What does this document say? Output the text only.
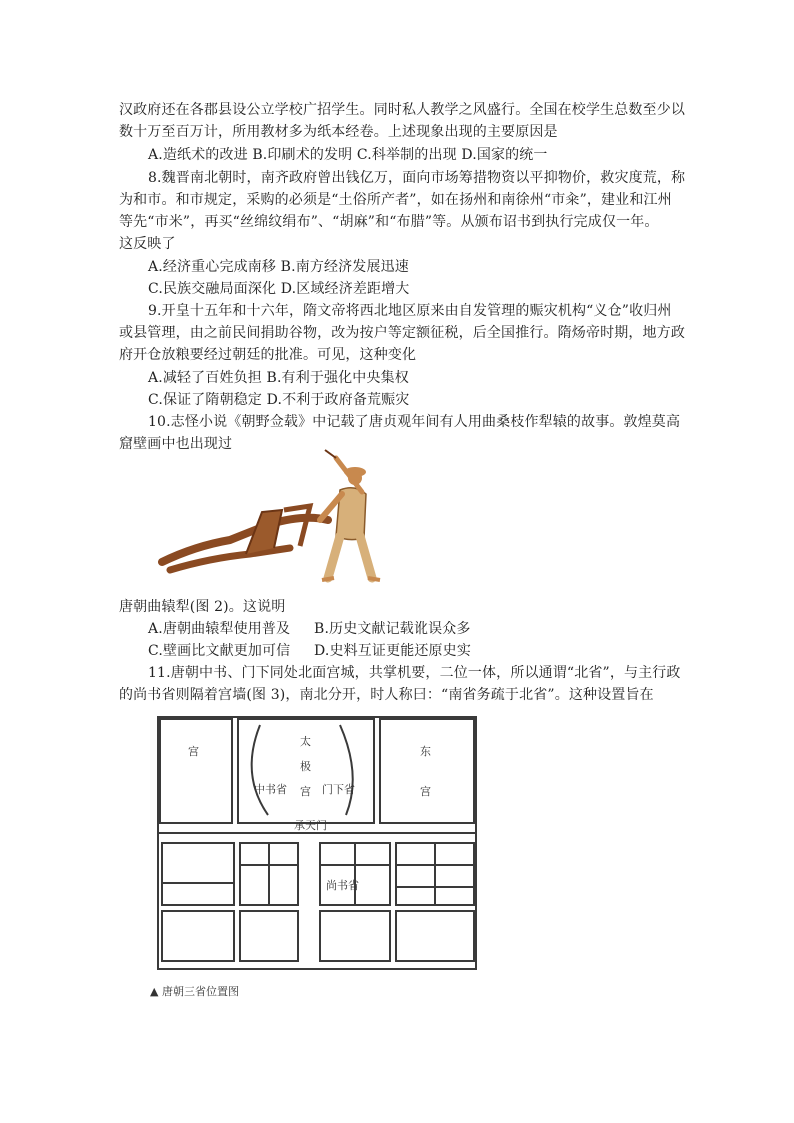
汉政府还在各郡县设公立学校广招学生。同时私人教学之风盛行。全国在校学生总数至少以
数十万至百万计，所用教材多为纸本经卷。上述现象出现的主要原因是
A.造纸术的改进 B.印刷术的发明 C.科举制的出现 D.国家的统一
8.魏晋南北朝时，南齐政府曾出钱亿万，面向市场筹措物资以平抑物价，救灾度荒，称
为和市。和市规定，采购的必须是“土俗所产者”，如在扬州和南徐州“市籴”，建业和江州
等先“市米”，再买“丝绵纹绢布”、“胡麻”和“布腊”等。从颁布诏书到执行完成仅一年。
这反映了
A.经济重心完成南移 B.南方经济发展迅速
C.民族交融局面深化 D.区域经济差距增大
9.开皇十五年和十六年，隋文帝将西北地区原来由自发管理的赈灾机构“义仓”收归州
或县管理，由之前民间捐助谷物，改为按户等定额征税，后全国推行。隋炀帝时期，地方政
府开仓放粮要经过朝廷的批准。可见，这种变化
A.减轻了百姓负担 B.有利于强化中央集权
C.保证了隋朝稳定 D.不利于政府备荒赈灾
10.志怪小说《朝野佥载》中记载了唐贞观年间有人用曲桑枝作犁辕的故事。敦煌莫高
窟壁画中也出现过
唐朝曲辕犁(图 2)。这说明
A.唐朝曲辕犁使用普及 B.历史文献记载讹误众多
C.壁画比文献更加可信 D.史料互证更能还原史实
11.唐朝中书、门下同处北面宫城，共掌机要，二位一体，所以通谓“北省”，与主行政
的尚书省则隔着宫墙(图 3)，南北分开，时人称曰：“南省务疏于北省”。这种设置旨在
宫
太
极
宫
中书省	门下省
东
宫
承天门
尚书省
▲ 唐朝三省位置图
